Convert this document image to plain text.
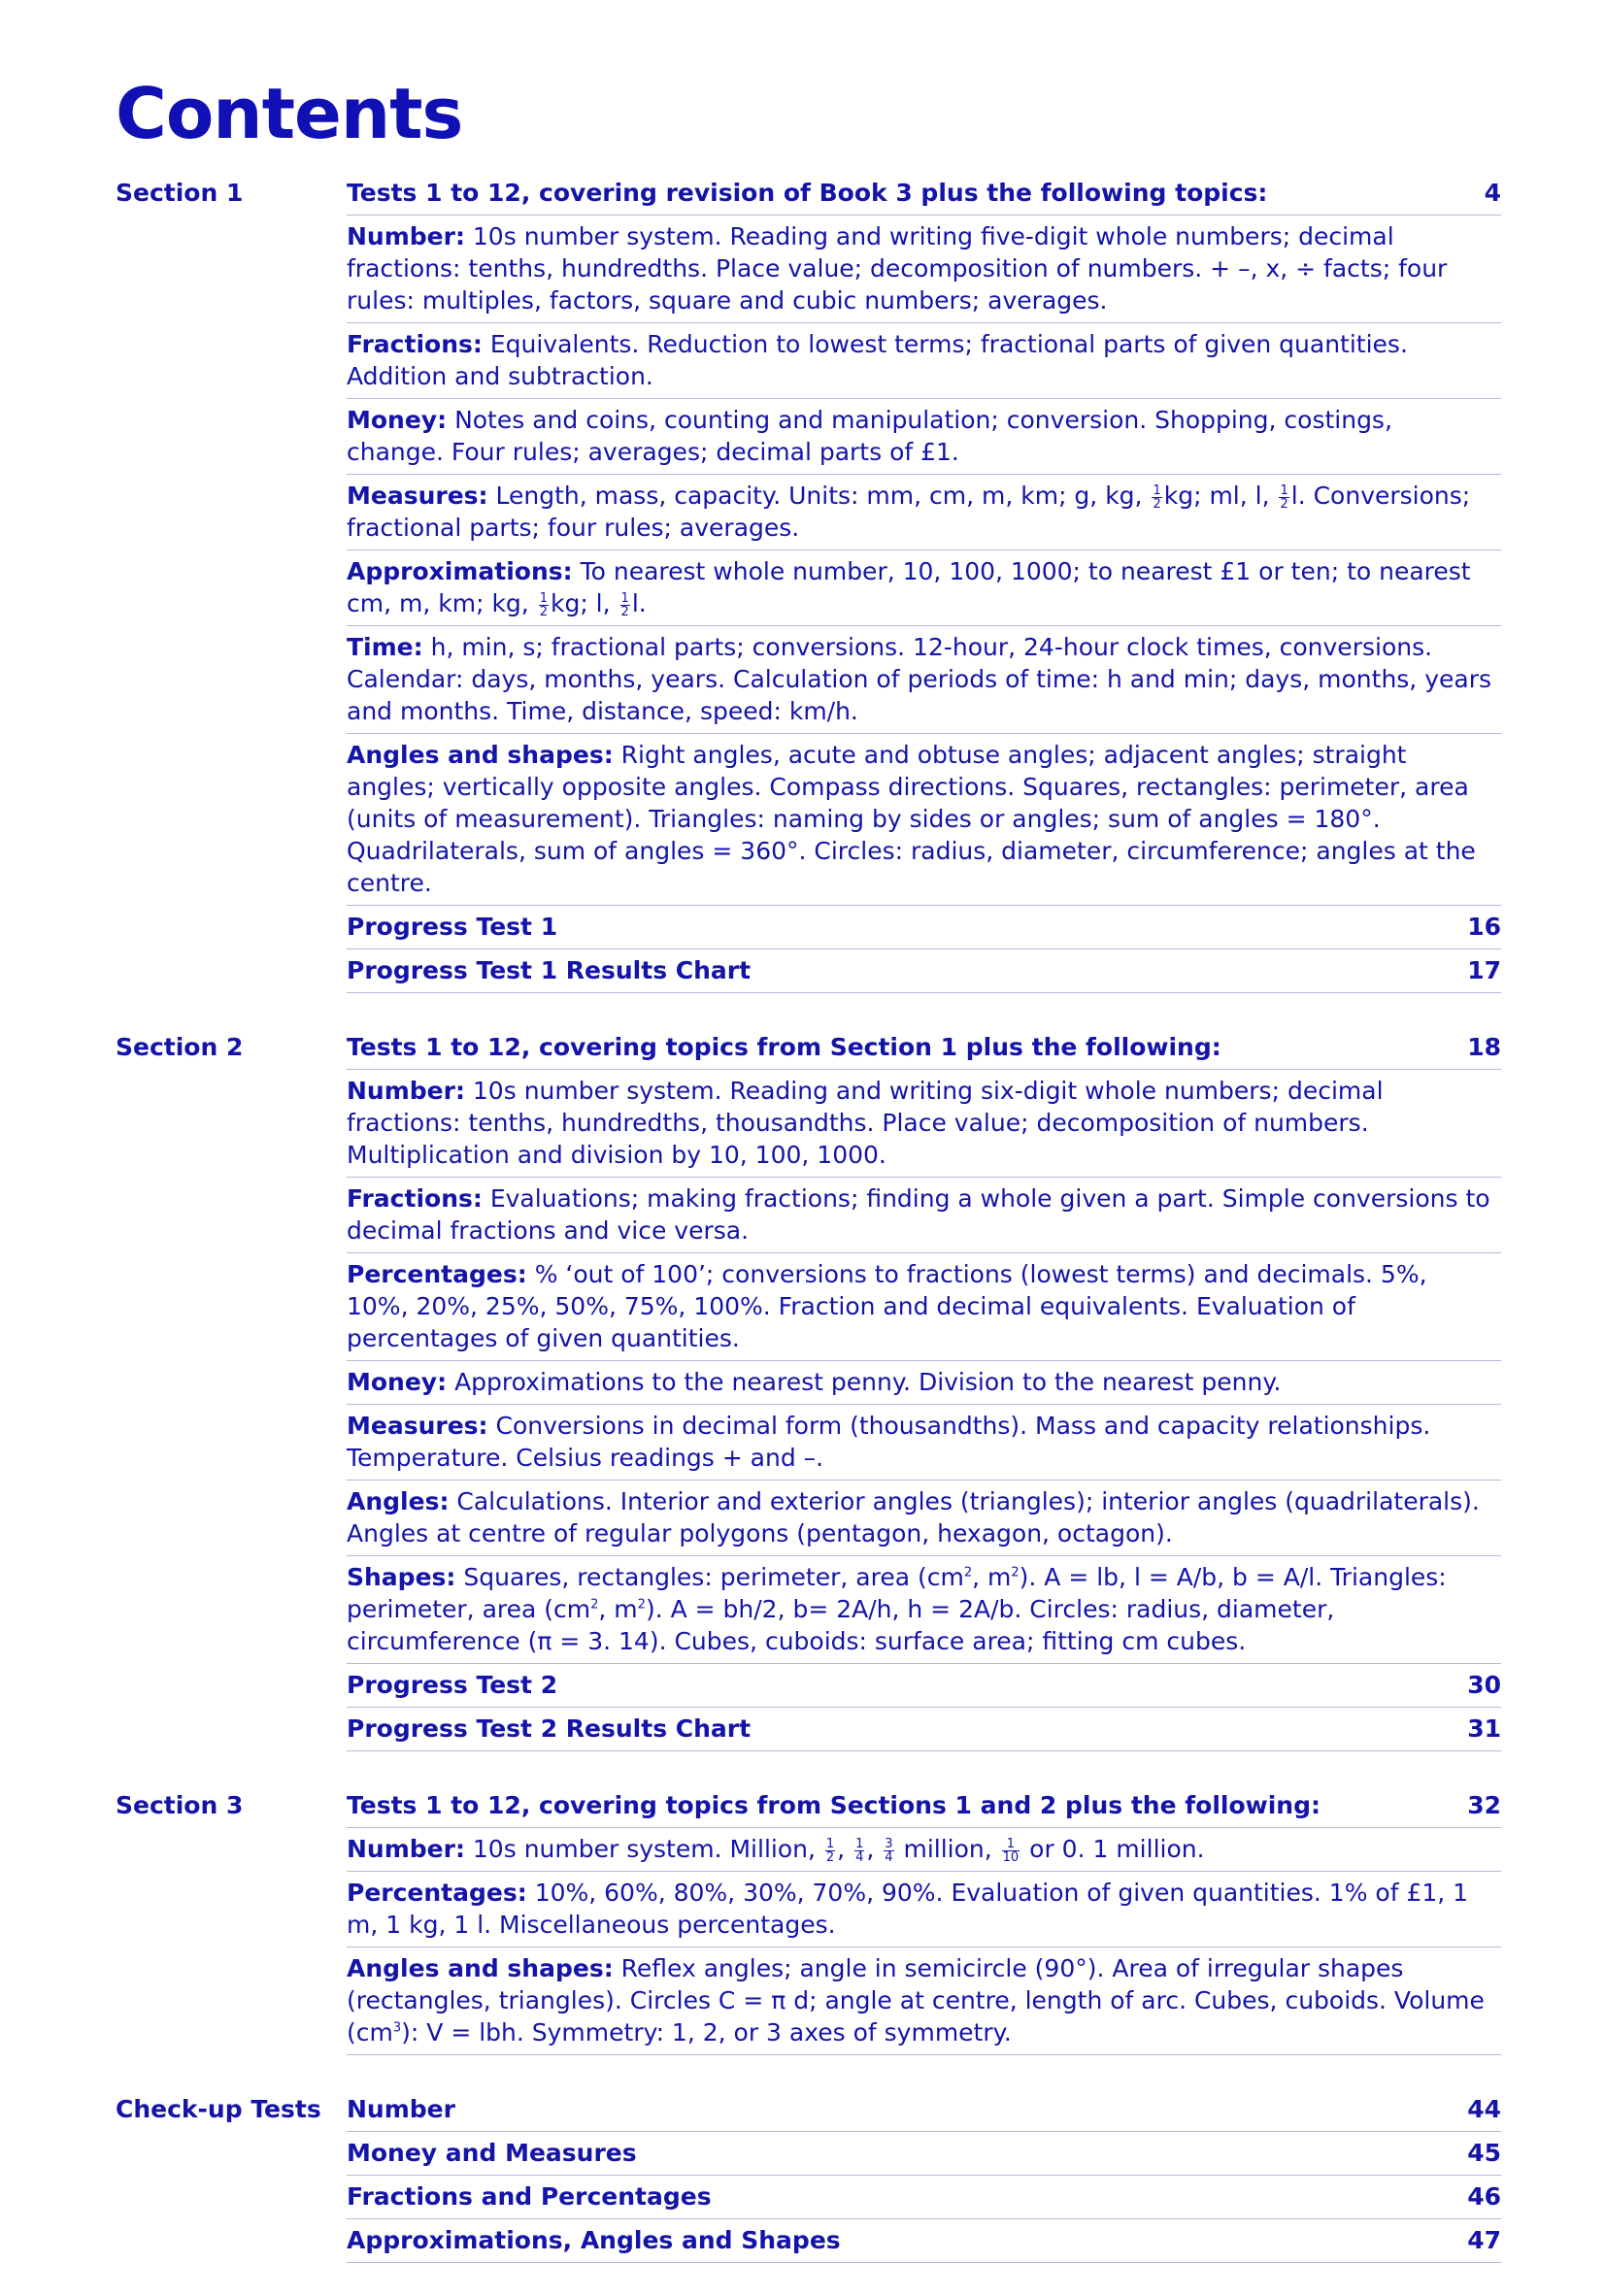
Contents
Section 1	Tests 1 to 12, covering revision of Book 3 plus the following topics:	4
Number: 10s number system. Reading and writing five-digit whole numbers; decimal fractions: tenths, hundredths. Place value; decomposition of numbers. + –, x, ÷ facts; four rules: multiples, factors, square and cubic numbers; averages.
Fractions: Equivalents. Reduction to lowest terms; fractional parts of given quantities. Addition and subtraction.
Money: Notes and coins, counting and manipulation; conversion. Shopping, costings, change. Four rules; averages; decimal parts of £1.
Measures: Length, mass, capacity. Units: mm, cm, m, km; g, kg, $\frac{1}{2}$ kg; ml, l, $\frac{1}{2} l$. Conversions; fractional parts; four rules; averages.
Approximations: To nearest whole number, 10, 100, 1000; to nearest £1 or ten; to nearest cm, m, km; kg, $\frac{1}{2}$ kg; l, $\frac{1}{2} l$.
Time: h, min, s; fractional parts; conversions. 12-hour, 24-hour clock times, conversions. Calendar: days, months, years. Calculation of periods of time: h and min; days, months, years and months. Time, distance, speed: km/h.
Angles and shapes: Right angles, acute and obtuse angles; adjacent angles; straight angles; vertically opposite angles. Compass directions. Squares, rectangles: perimeter, area (units of measurement). Triangles: naming by sides or angles; sum of angles = 180°. Quadrilaterals, sum of angles = 360°. Circles: radius, diameter, circumference; angles at the centre.
Progress Test 1	16
Progress Test 1 Results Chart	17
Section 2	Tests 1 to 12, covering topics from Section 1 plus the following:	18
Number: 10s number system. Reading and writing six-digit whole numbers; decimal fractions: tenths, hundredths, thousandths. Place value; decomposition of numbers. Multiplication and division by 10, 100, 1000.
Fractions: Evaluations; making fractions; finding a whole given a part. Simple conversions to decimal fractions and vice versa.
Percentages: % ‘out of 100’; conversions to fractions (lowest terms) and decimals. 5%, 10%, 20%, 25%, 50%, 75%, 100%. Fraction and decimal equivalents. Evaluation of percentages of given quantities.
Money: Approximations to the nearest penny. Division to the nearest penny.
Measures: Conversions in decimal form (thousandths). Mass and capacity relationships. Temperature. Celsius readings + and –.
Angles: Calculations. Interior and exterior angles (triangles); interior angles (quadrilaterals). Angles at centre of regular polygons (pentagon, hexagon, octagon).
Shapes: Squares, rectangles: perimeter, area ($cm^2$, $m^2$). A = lb, l = A/b, b = A/l. Triangles: perimeter, area ($cm^2$, $m^2$). A = bh/2, b= 2A/h, h = 2A/b. Circles: radius, diameter, circumference (π = 3. 14). Cubes, cuboids: surface area; fitting cm cubes.
Progress Test 2	30
Progress Test 2 Results Chart	31
Section 3	Tests 1 to 12, covering topics from Sections 1 and 2 plus the following:	32
Number: 10s number system. Million, $\frac{1}{2}$ , $\frac{1}{4}$ , $\frac{3}{4}$ million, $\frac{1}{10}$ or 0. 1 million.
Percentages: 10%, 60%, 80%, 30%, 70%, 90%. Evaluation of given quantities. 1% of £1, 1 m, 1 kg, 1 l. Miscellaneous percentages.
Angles and shapes: Reflex angles; angle in semicircle (90°). Area of irregular shapes (rectangles, triangles). Circles C = π d; angle at centre, length of arc. Cubes, cuboids. Volume $(cm^3)$: V = lbh. Symmetry: 1, 2, or 3 axes of symmetry.
Check-up Tests	Number	44
Money and Measures	45
Fractions and Percentages	46
Approximations, Angles and Shapes	47
